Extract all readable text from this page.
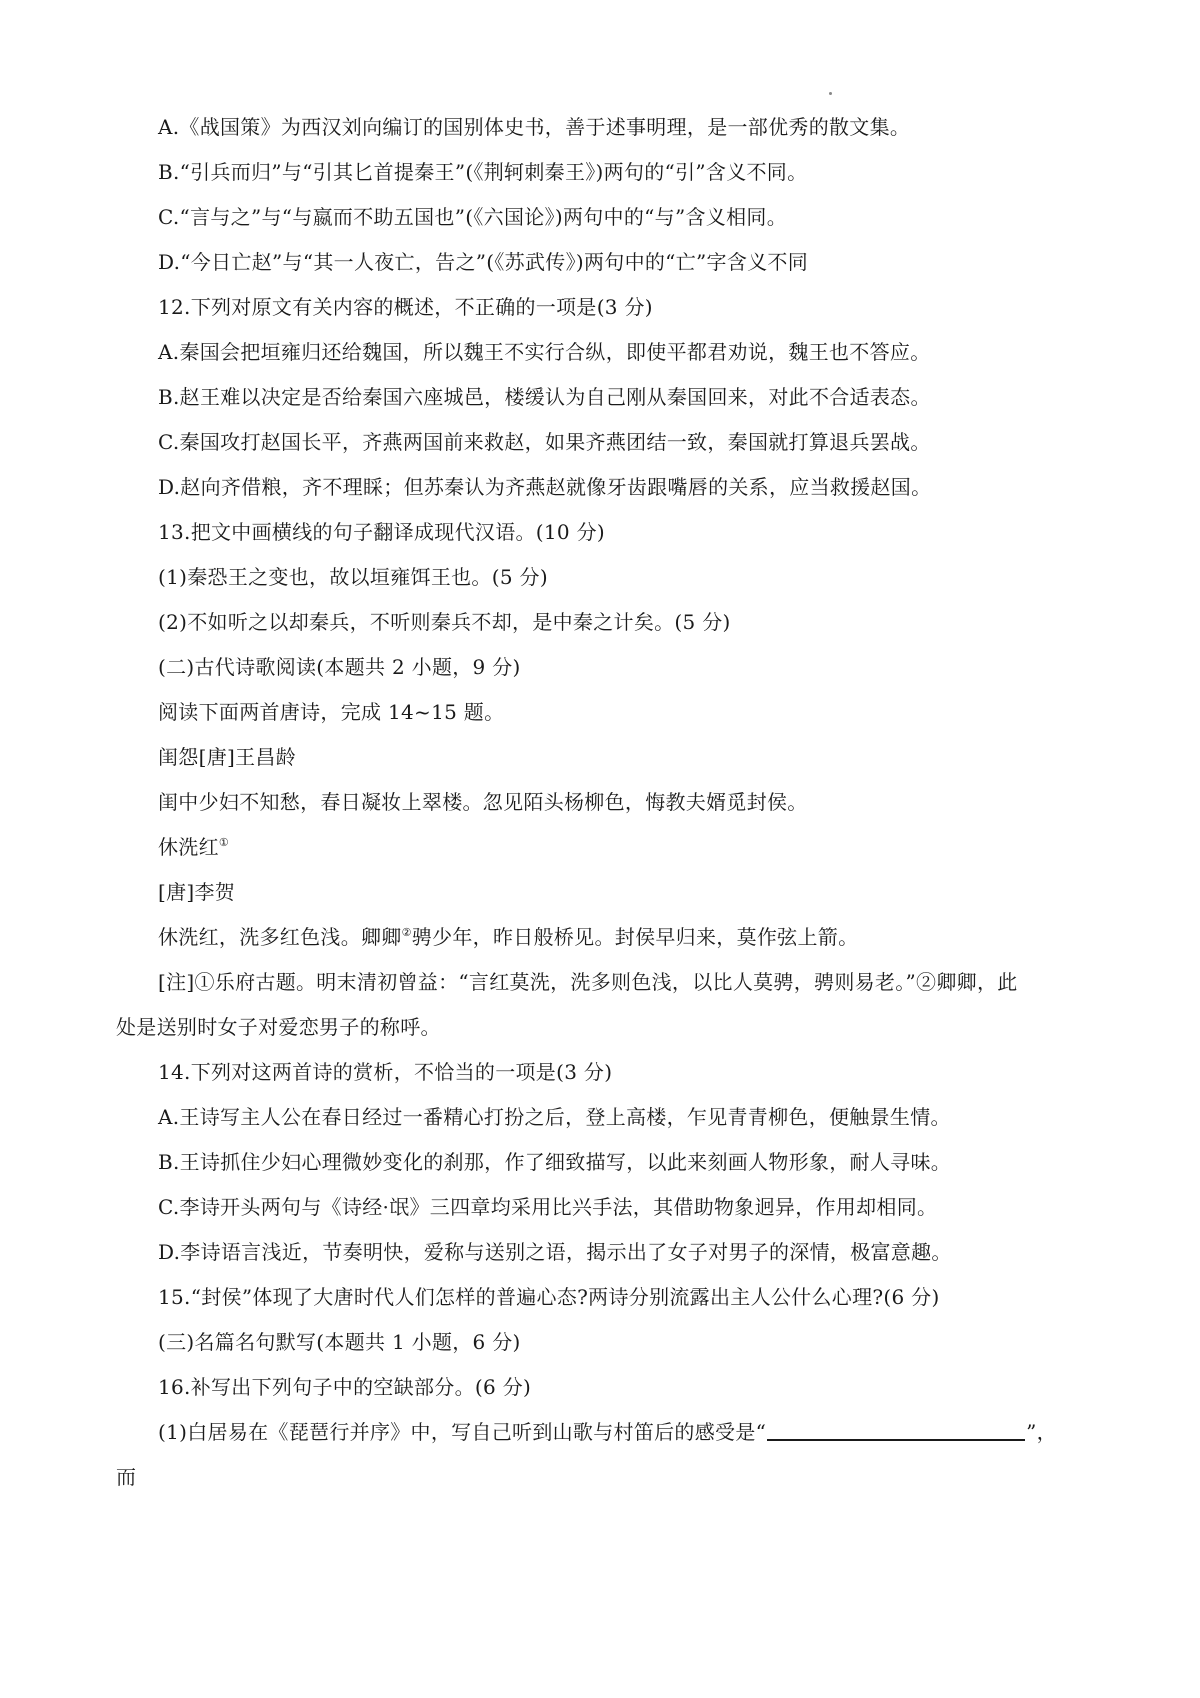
A.《战国策》为西汉刘向编订的国别体史书，善于述事明理，是一部优秀的散文集。
B.“引兵而归”与“引其匕首提秦王”(《荆轲刺秦王》)两句的“引”含义不同。
C.“言与之”与“与嬴而不助五国也”(《六国论》)两句中的“与”含义相同。
D.“今日亡赵”与“其一人夜亡，告之”(《苏武传》)两句中的“亡”字含义不同
12.下列对原文有关内容的概述，不正确的一项是(3 分)
A.秦国会把垣雍归还给魏国，所以魏王不实行合纵，即使平都君劝说，魏王也不答应。
B.赵王难以决定是否给秦国六座城邑，楼缓认为自己刚从秦国回来，对此不合适表态。
C.秦国攻打赵国长平，齐燕两国前来救赵，如果齐燕团结一致，秦国就打算退兵罢战。
D.赵向齐借粮，齐不理睬；但苏秦认为齐燕赵就像牙齿跟嘴唇的关系，应当救援赵国。
13.把文中画横线的句子翻译成现代汉语。(10 分)
(1)秦恐王之变也，故以垣雍饵王也。(5 分)
(2)不如听之以却秦兵，不听则秦兵不却，是中秦之计矣。(5 分)
(二)古代诗歌阅读(本题共 2 小题，9 分)
阅读下面两首唐诗，完成 14~15 题。
闺怨[唐]王昌龄
闺中少妇不知愁，春日凝妆上翠楼。忽见陌头杨柳色，悔教夫婿觅封侯。
休洗红①
[唐]李贺
休洗红，洗多红色浅。卿卿②骋少年，昨日般桥见。封侯早归来，莫作弦上箭。
[注]①乐府古题。明末清初曾益：“言红莫洗，洗多则色浅，以比人莫骋，骋则易老。”②卿卿，此
处是送别时女子对爱恋男子的称呼。
14.下列对这两首诗的赏析，不恰当的一项是(3 分)
A.王诗写主人公在春日经过一番精心打扮之后，登上高楼，乍见青青柳色，便触景生情。
B.王诗抓住少妇心理微妙变化的刹那，作了细致描写，以此来刻画人物形象，耐人寻味。
C.李诗开头两句与《诗经·氓》三四章均采用比兴手法，其借助物象迥异，作用却相同。
D.李诗语言浅近，节奏明快，爱称与送别之语，揭示出了女子对男子的深情，极富意趣。
15.“封侯”体现了大唐时代人们怎样的普遍心态?两诗分别流露出主人公什么心理?(6 分)
(三)名篇名句默写(本题共 1 小题，6 分)
16.补写出下列句子中的空缺部分。(6 分)
(1)白居易在《琵琶行并序》中，写自己听到山歌与村笛后的感受是“	”，
而
